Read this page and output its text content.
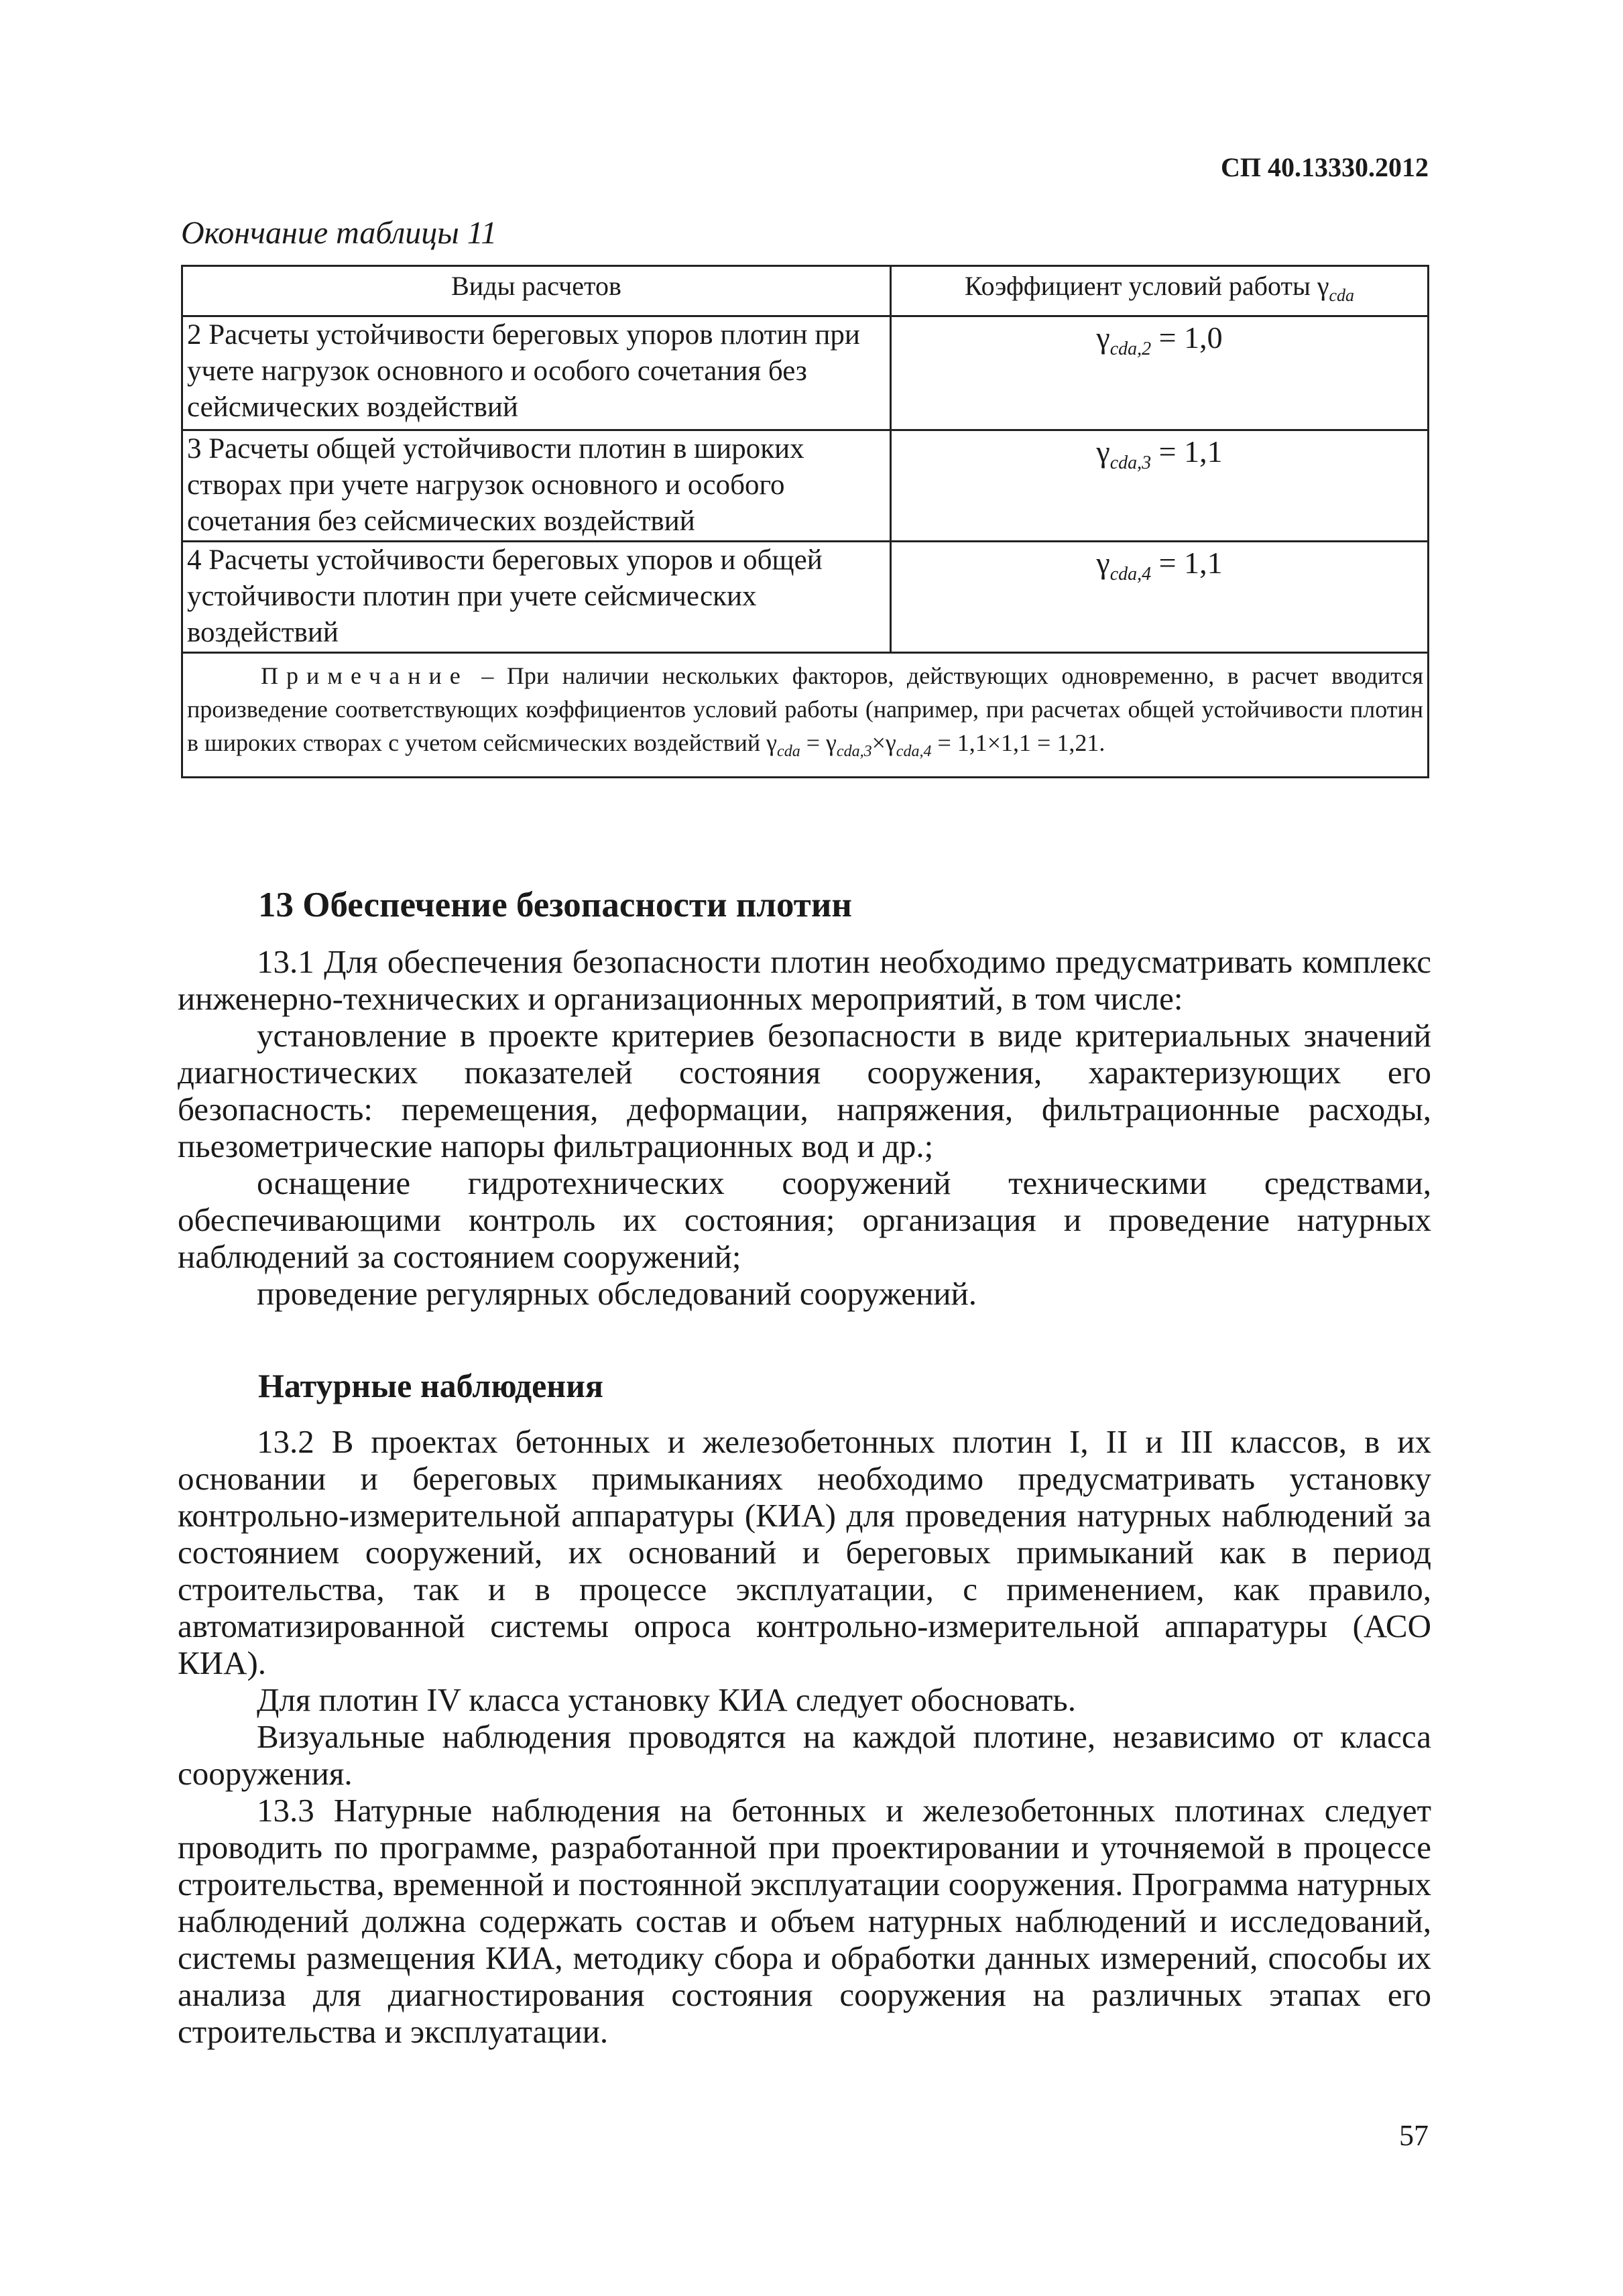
СП 40.13330.2012
Окончание таблицы 11
Виды расчетов	Коэффициент условий работы $\gamma_{cda}$
2 Расчеты устойчивости береговых упоров плотин при учете нагрузок основного и особого сочетания без сейсмических воздействий	$\gamma_{cda,2} = 1,0$
3 Расчеты общей устойчивости плотин в широких створах при учете нагрузок основного и особого сочетания без сейсмических воздействий	$\gamma_{cda,3} = 1,1$
4 Расчеты устойчивости береговых упоров и общей устойчивости плотин при учете сейсмических воздействий	$\gamma_{cda,4} = 1,1$
Примечание – При наличии нескольких факторов, действующих одновременно, в расчет вводится произведение соответствующих коэффициентов условий работы (например, при расчетах общей устойчивости плотин в широких створах с учетом сейсмических воздействий $\gamma_{cda} = \gamma_{cda,3}\times\gamma_{cda,4} = 1,1\times 1,1 = 1,21$.	
13 Обеспечение безопасности плотин

13.1 Для обеспечения безопасности плотин необходимо предусматривать комплекс инженерно-технических и организационных мероприятий, в том числе:

установление в проекте критериев безопасности в виде критериальных значений диагностических показателей состояния сооружения, характеризующих его безопасность: перемещения, деформации, напряжения, фильтрационные расходы, пьезометрические напоры фильтрационных вод и др.;

оснащение гидротехнических сооружений техническими средствами, обеспечивающими контроль их состояния; организация и проведение натурных наблюдений за состоянием сооружений;

проведение регулярных обследований сооружений.

Натурные наблюдения

13.2 В проектах бетонных и железобетонных плотин I, II и III классов, в их основании и береговых примыканиях необходимо предусматривать установку контрольно-измерительной аппаратуры (КИА) для проведения натурных наблюдений за состоянием сооружений, их оснований и береговых примыканий как в период строительства, так и в процессе эксплуатации, с применением, как правило, автоматизированной системы опроса контрольно-измерительной аппаратуры (АСО КИА).

Для плотин IV класса установку КИА следует обосновать.

Визуальные наблюдения проводятся на каждой плотине, независимо от класса сооружения.

13.3 Натурные наблюдения на бетонных и железобетонных плотинах следует проводить по программе, разработанной при проектировании и уточняемой в процессе строительства, временной и постоянной эксплуатации сооружения. Программа натурных наблюдений должна содержать состав и объем натурных наблюдений и исследований, системы размещения КИА, методику сбора и обработки данных измерений, способы их анализа для диагностирования состояния сооружения на различных этапах его строительства и эксплуатации.

57
